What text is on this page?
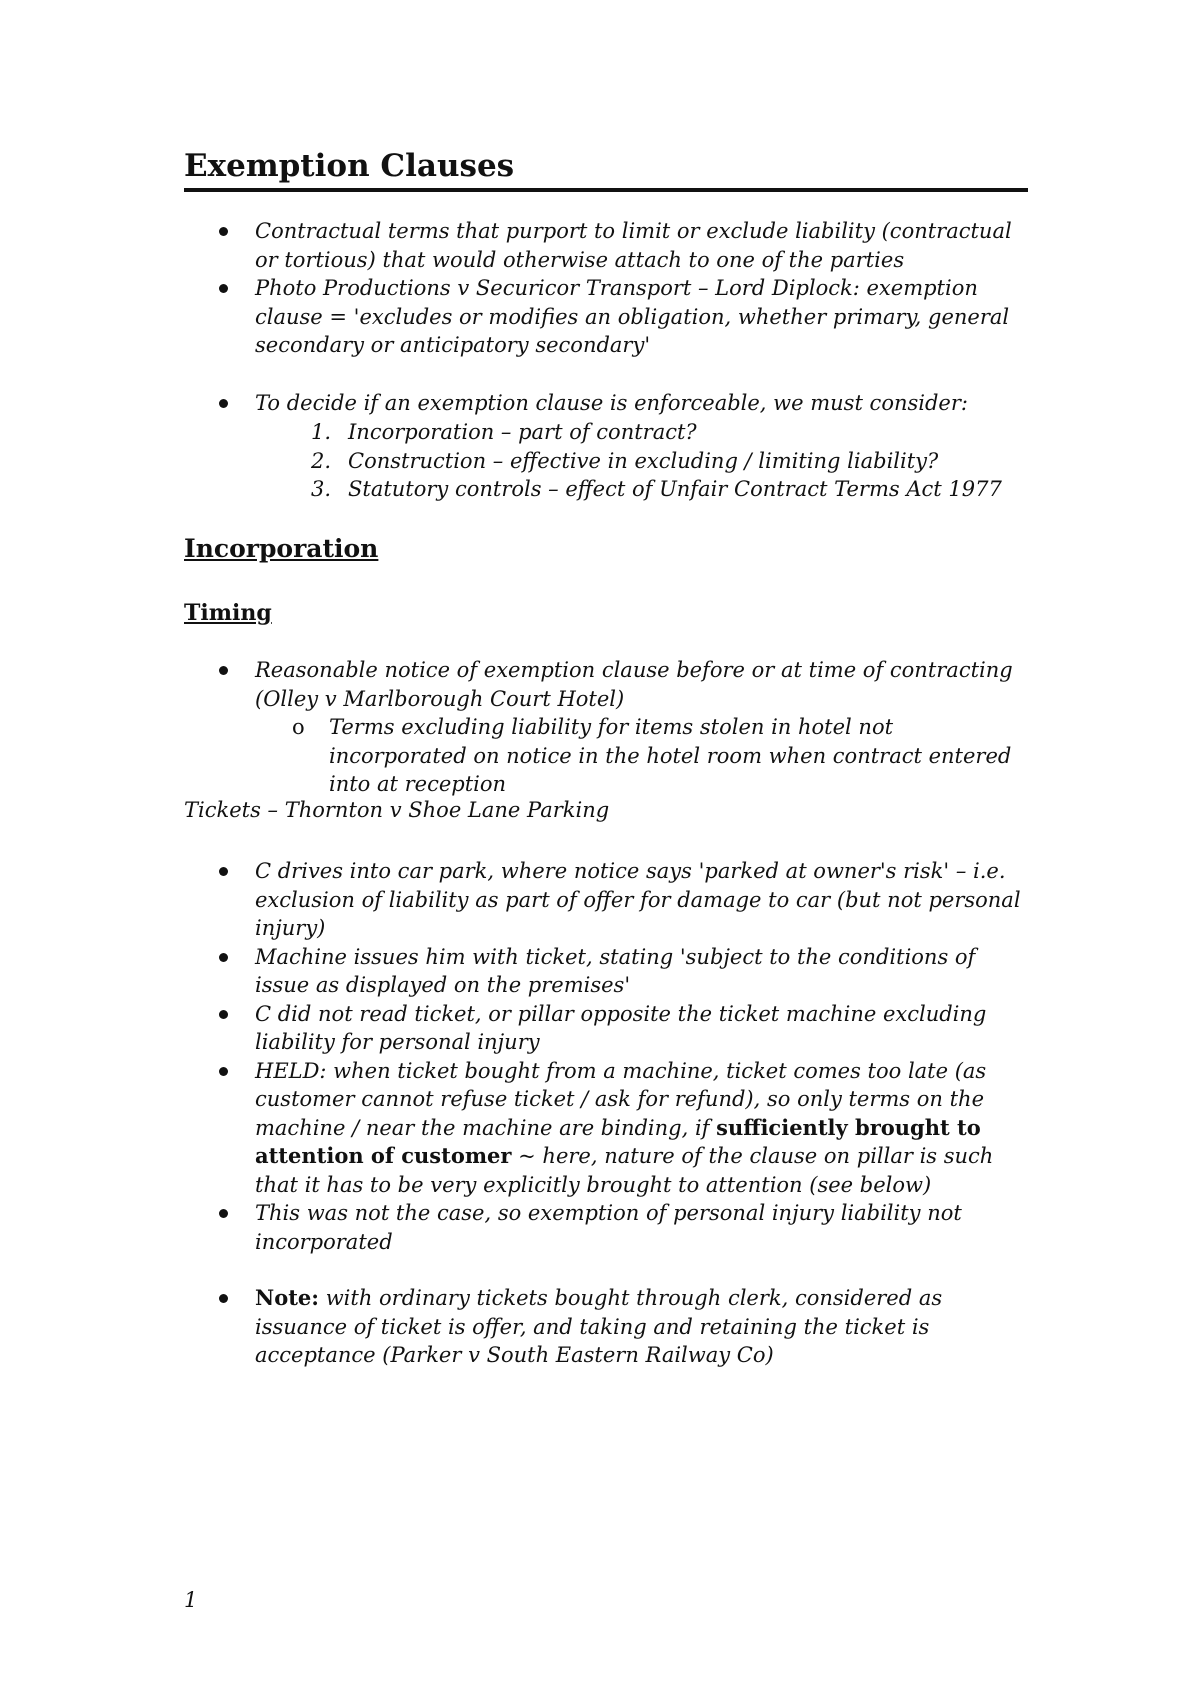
Exemption Clauses
Contractual terms that purport to limit or exclude liability (contractual or tortious) that would otherwise attach to one of the parties
Photo Productions v Securicor Transport – Lord Diplock: exemption clause = 'excludes or modifies an obligation, whether primary, general secondary or anticipatory secondary'
To decide if an exemption clause is enforceable, we must consider:
1. Incorporation – part of contract?
2. Construction – effective in excluding / limiting liability?
3. Statutory controls – effect of Unfair Contract Terms Act 1977
Incorporation
Timing
Reasonable notice of exemption clause before or at time of contracting (Olley v Marlborough Court Hotel)
o Terms excluding liability for items stolen in hotel not incorporated on notice in the hotel room when contract entered into at reception

Tickets – Thornton v Shoe Lane Parking

C drives into car park, where notice says 'parked at owner's risk' – i.e. exclusion of liability as part of offer for damage to car (but not personal injury)
Machine issues him with ticket, stating 'subject to the conditions of issue as displayed on the premises'
C did not read ticket, or pillar opposite the ticket machine excluding liability for personal injury
HELD: when ticket bought from a machine, ticket comes too late (as customer cannot refuse ticket / ask for refund), so only terms on the machine / near the machine are binding, if sufficiently brought to attention of customer ~ here, nature of the clause on pillar is such that it has to be very explicitly brought to attention (see below)
This was not the case, so exemption of personal injury liability not incorporated
Note: with ordinary tickets bought through clerk, considered as issuance of ticket is offer, and taking and retaining the ticket is acceptance (Parker v South Eastern Railway Co)
1
